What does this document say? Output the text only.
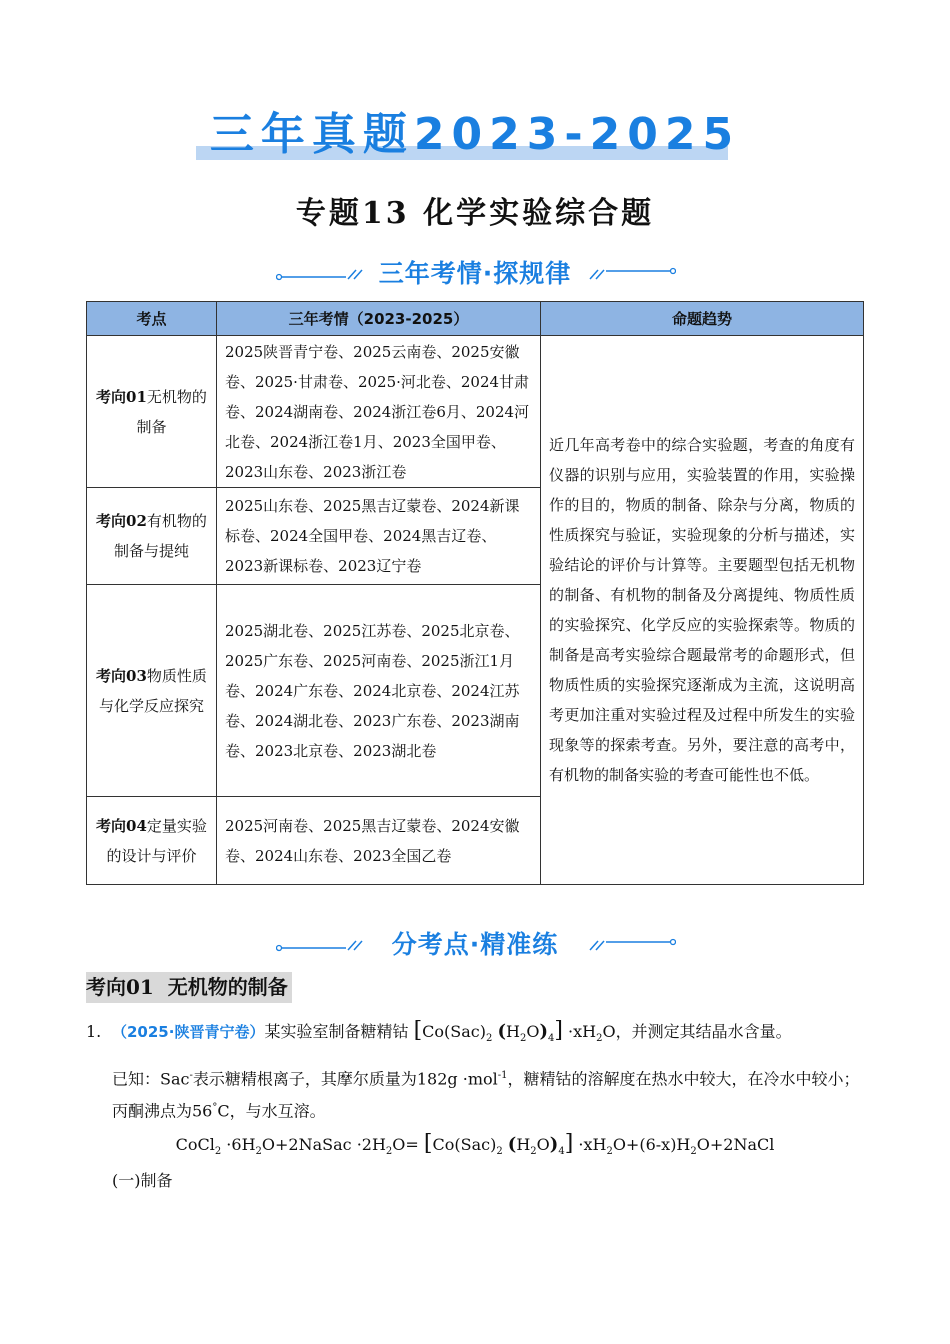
三年真题2023-2025
专题13 化学实验综合题
三年考情·探规律
考点	三年考情（2023-2025）	命题趋势
考向01无机物的制备	2025陕晋青宁卷、2025云南卷、2025安徽卷、2025·甘肃卷、2025·河北卷、2024甘肃卷、2024湖南卷、2024浙江卷6月、2024河北卷、2024浙江卷1月、2023全国甲卷、2023山东卷、2023浙江卷	近几年高考卷中的综合实验题，考查的角度有仪器的识别与应用，实验装置的作用，实验操作的目的，物质的制备、除杂与分离，物质的性质探究与验证，实验现象的分析与描述，实验结论的评价与计算等。主要题型包括无机物的制备、有机物的制备及分离提纯、物质性质的实验探究、化学反应的实验探索等。物质的制备是高考实验综合题最常考的命题形式，但物质性质的实验探究逐渐成为主流，这说明高考更加注重对实验过程及过程中所发生的实验现象等的探索考查。另外，要注意的高考中，有机物的制备实验的考查可能性也不低。
考向02有机物的制备与提纯	2025山东卷、2025黑吉辽蒙卷、2024新课标卷、2024全国甲卷、2024黑吉辽卷、2023新课标卷、2023辽宁卷	
考向03物质性质与化学反应探究	2025湖北卷、2025江苏卷、2025北京卷、2025广东卷、2025河南卷、2025浙江1月卷、2024广东卷、2024北京卷、2024江苏卷、2024湖北卷、2023广东卷、2023湖南卷、2023北京卷、2023湖北卷	
考向04定量实验的设计与评价	2025河南卷、2025黑吉辽蒙卷、2024安徽卷、2024山东卷、2023全国乙卷	
分考点·精准练
考向01  无机物的制备
1. （2025·陕晋青宁卷）某实验室制备糖精钴 [$Co(Sac)_2$ $(H_2O)_4] \cdot xH_2O$，并测定其结晶水含量。
已知：Sac-表示糖精根离子，其摩尔质量为182g ·mol$^{-1}$，糖精钴的溶解度在热水中较大，在冷水中较小；
丙酮沸点为56°C，与水互溶。
CoCl$_2$ $\cdot 6H_2O+2NaSac \cdot 2H_2O= [Co(Sac)_2$ $(H_2O)_4$] $\cdot xH_2O+(6-x)H_2O+2NaCl$
(一)制备
